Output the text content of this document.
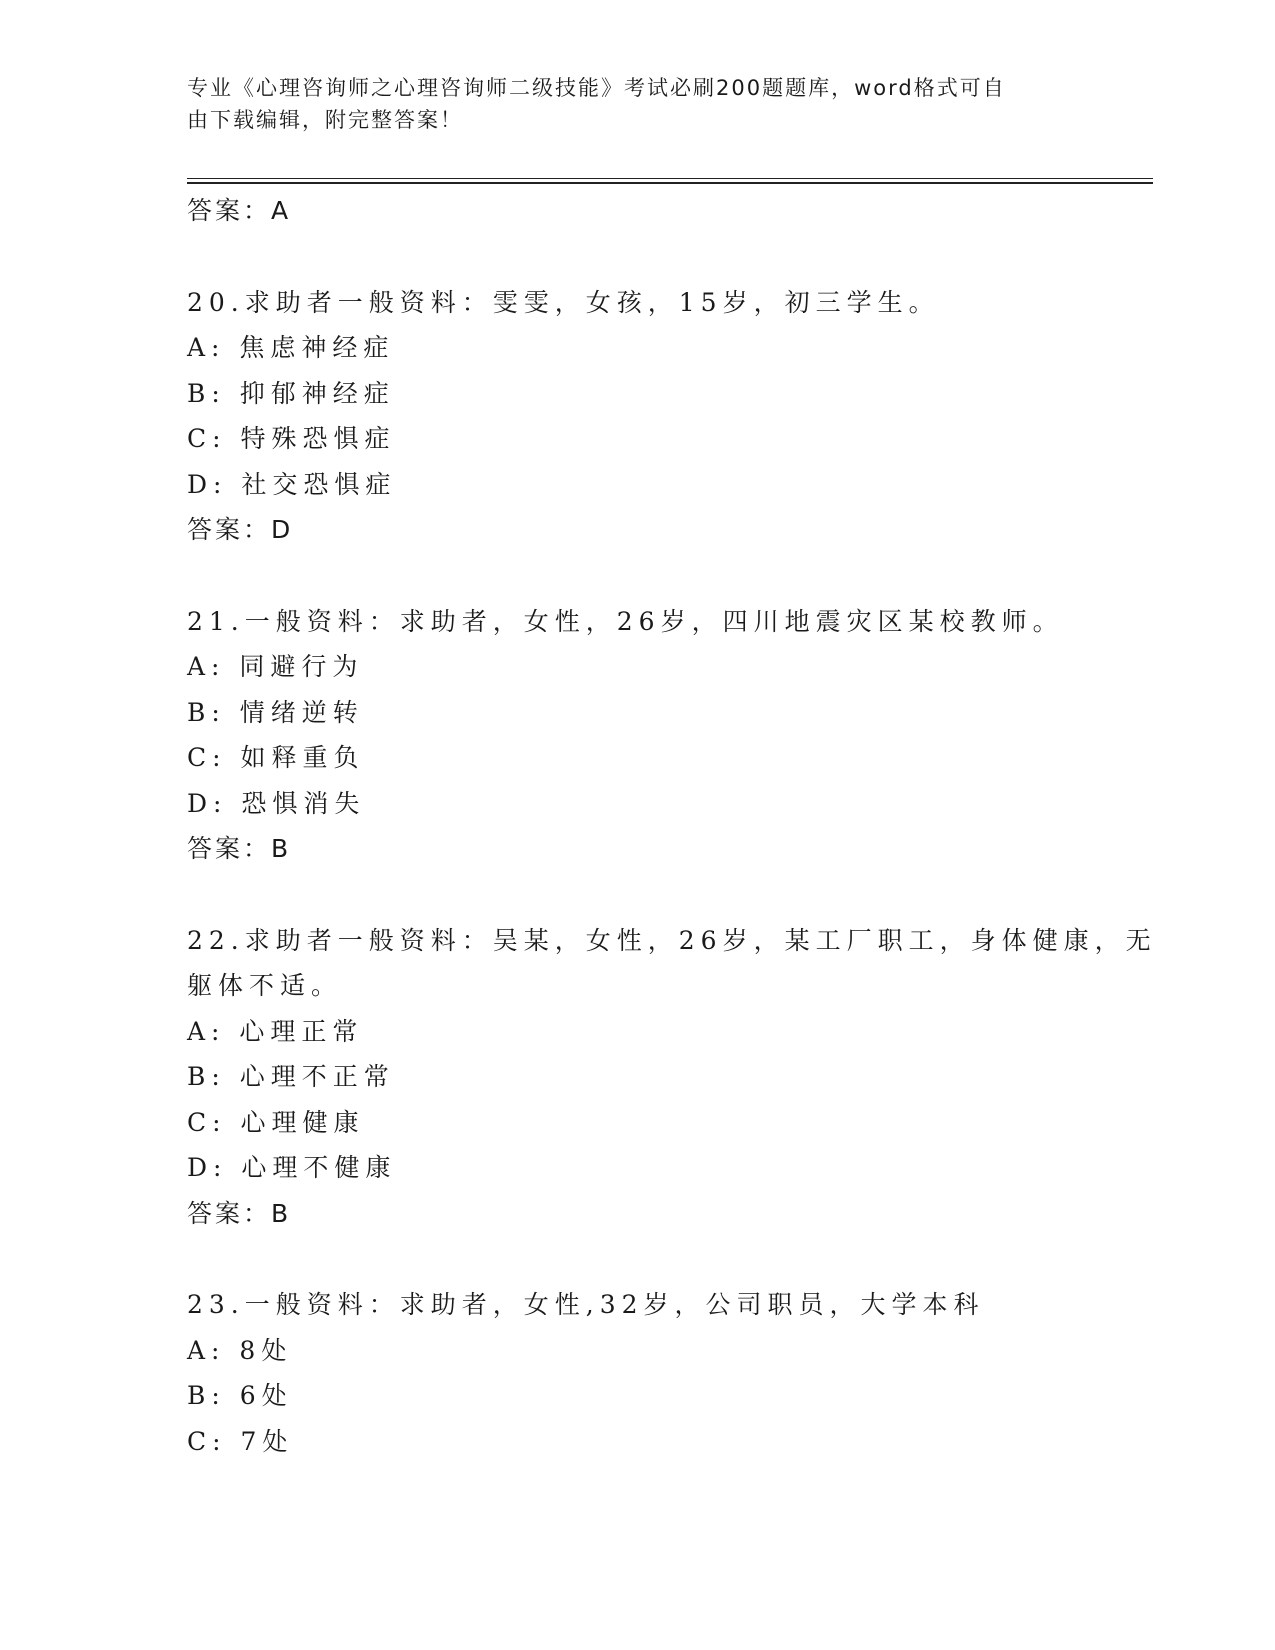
专业《心理咨询师之心理咨询师二级技能》考试必刷200题题库，word格式可自
由下载编辑，附完整答案！
答案：A
20.求助者一般资料：雯雯，女孩，15岁，初三学生。
A: 焦虑神经症
B: 抑郁神经症
C: 特殊恐惧症
D: 社交恐惧症
答案：D
21.一般资料：求助者，女性，26岁，四川地震灾区某校教师。
A: 同避行为
B: 情绪逆转
C: 如释重负
D: 恐惧消失
答案：B
22.求助者一般资料：吴某，女性，26岁，某工厂职工，身体健康，无
躯体不适。
A: 心理正常
B: 心理不正常
C: 心理健康
D: 心理不健康
答案：B
23.一般资料：求助者，女性,32岁，公司职员，大学本科
A: 8处
B: 6处
C: 7处
